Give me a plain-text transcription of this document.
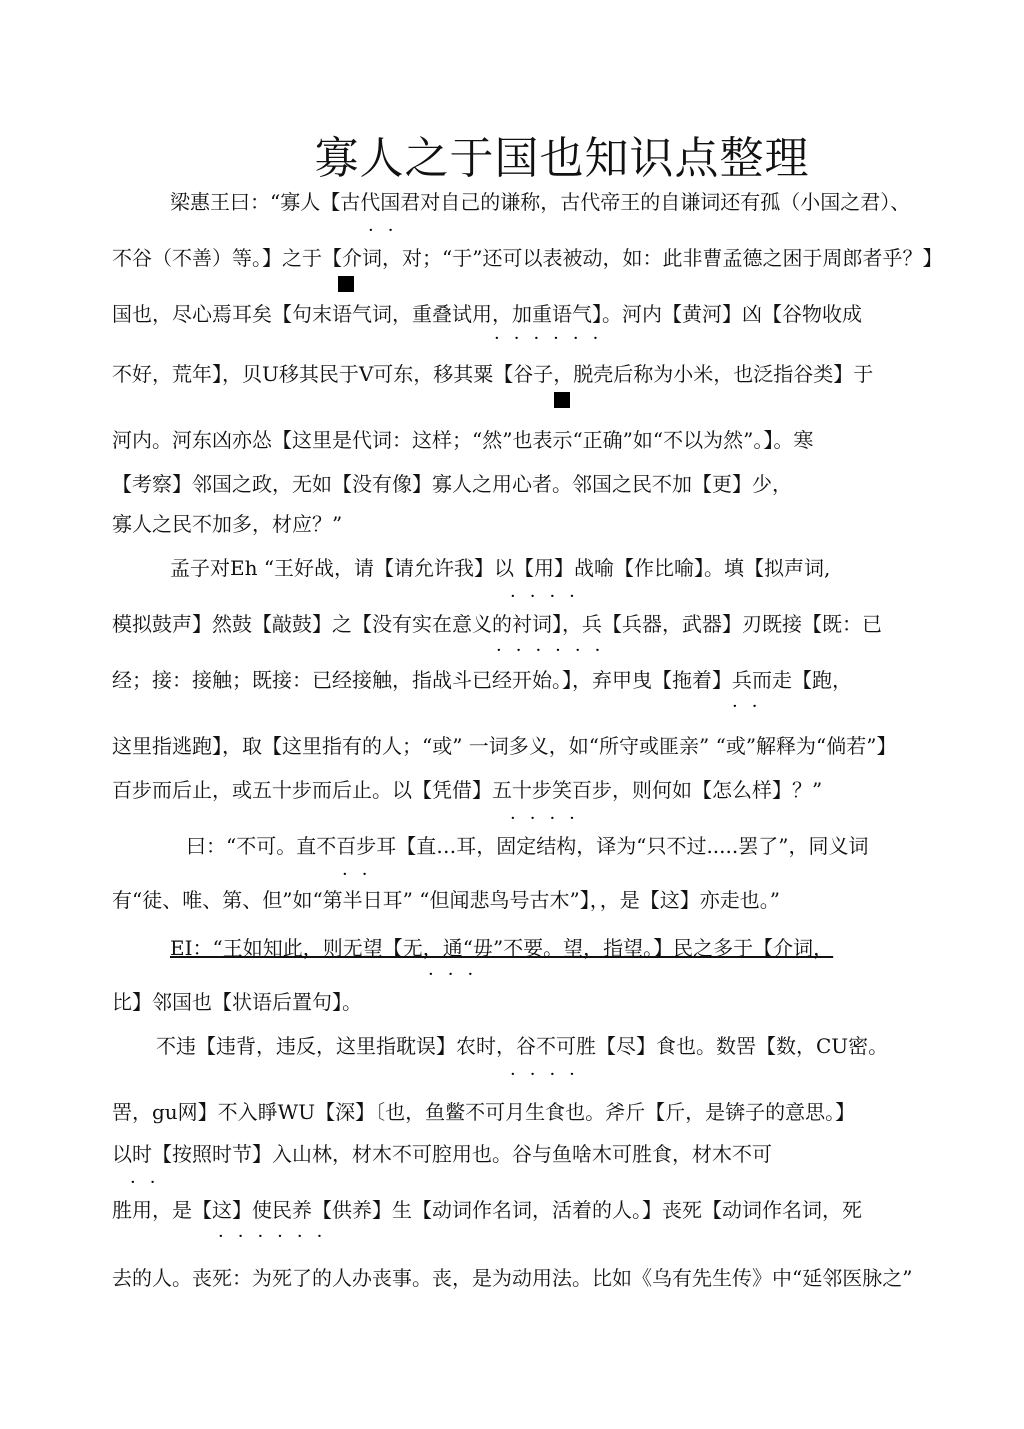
寡人之于国也知识点整理
梁惠王曰：“寡人【古代国君对自己的谦称，古代帝王的自谦词还有孤（小国之君）、
··
不谷（不善）等。】之于【介词，对；“于”还可以表被动，如：此非曹孟德之困于周郎者乎？】
国也，尽心焉耳矣【句末语气词，重叠试用，加重语气】。河内【黄河】凶【谷物收成
······
不好，荒年】，贝U移其民于V可东，移其粟【谷子，脱壳后称为小米，也泛指谷类】于
河内。河东凶亦怂【这里是代词：这样；“然”也表示“正确”如“不以为然”。】。寒
【考察】邻国之政，无如【没有像】寡人之用心者。邻国之民不加【更】少，
寡人之民不加多，材应？”
孟子对Eh “王好战，请【请允许我】以【用】战喻【作比喻】。填【拟声词,
····
模拟鼓声】然鼓【敲鼓】之【没有实在意义的衬词】，兵【兵器，武器】刃既接【既：已
······
经；接：接触；既接：已经接触，指战斗已经开始。】，弃甲曳【拖着】兵而走【跑，
··
这里指逃跑】，取【这里指有的人；“或” 一词多义，如“所守或匪亲” “或”解释为“倘若”】
百步而后止，或五十步而后止。以【凭借】五十步笑百步，则何如【怎么样】？”
····
曰：“不可。直不百步耳【直…耳，固定结构，译为“只不过.....罢了”，同义词
··
有“徒、唯、第、但”如“第半日耳” “但闻悲鸟号古木”】，，是【这】亦走也。”
EI：“王如知此，则无望【无，通“毋”不要。望，指望。】民之多于【介词，
···
比】邻国也【状语后置句】。
不违【违背，违反，这里指耽误】农时，谷不可胜【尽】食也。数罟【数，CU密。
····
罟，gu网】不入睜WU【深】〔也，鱼鳖不可月生食也。斧斤【斤，是锛子的意思。】
以时【按照时节】入山林，材木不可腔用也。谷与鱼啥木可胜食，材木不可
··
胜用，是【这】使民养【供养】生【动词作名词，活着的人。】丧死【动词作名词，死
······
去的人。丧死：为死了的人办丧事。丧，是为动用法。比如《乌有先生传》中“延邻医脉之”
